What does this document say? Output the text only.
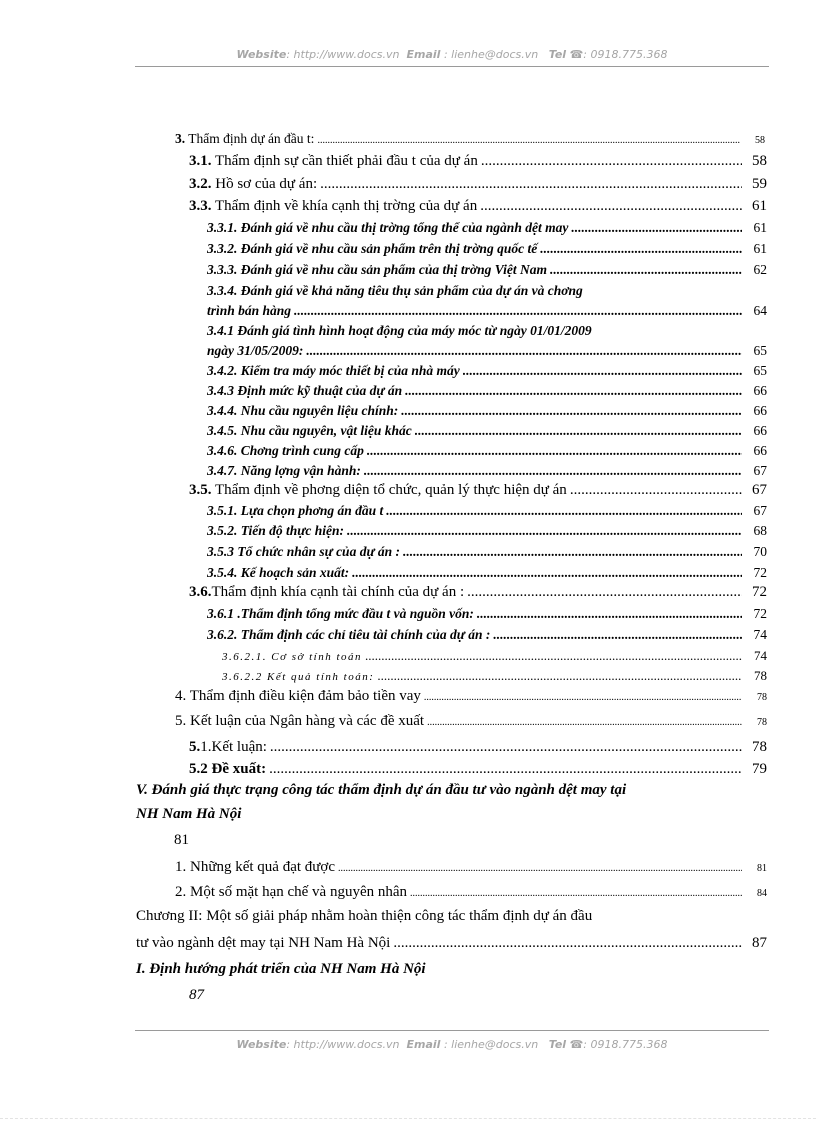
Website: http://www.docs.vn Email : lienhe@docs.vn Tel ☎: 0918.775.368
3. Thẩm định dự án đầu t: .....	58
3.1. Thẩm định sự cần thiết phải đầu t của dự án .....	58
3.2. Hồ sơ của dự án: .....	59
3.3. Thẩm định về khía cạnh thị trờng của dự án .....	61
3.3.1. Đánh giá về nhu cầu thị trờng tổng thể của ngành dệt may .....	61
3.3.2. Đánh giá về nhu cầu sản phẩm trên thị trờng quốc tế .....	61
3.3.3. Đánh giá về nhu cầu sản phẩm của thị trờng Việt Nam .....	62
3.3.4. Đánh giá về khả năng tiêu thụ sản phẩm của dự án và chơng
trình bán hàng .....	64
3.4.1 Đánh giá tình hình hoạt động của máy móc từ ngày 01/01/2009
ngày 31/05/2009: .....	65
3.4.2. Kiểm tra máy móc thiết bị của nhà máy .....	65
3.4.3 Định mức kỹ thuật của dự án .....	66
3.4.4. Nhu cầu nguyên liệu chính: .....	66
3.4.5. Nhu cầu nguyên, vật liệu khác .....	66
3.4.6. Chơng trình cung cấp .....	66
3.4.7. Năng lợng vận hành: .....	67
3.5. Thẩm định về phơng diện tổ chức, quản lý thực hiện dự án .....	67
3.5.1. Lựa chọn phơng án đầu t .....	67
3.5.2. Tiến độ thực hiện: .....	68
3.5.3 Tổ chức nhân sự của dự án : .....	70
3.5.4. Kế hoạch sản xuất: .....	72
3.6.Thẩm định khía cạnh tài chính của dự án : .....	72
3.6.1 .Thẩm định tổng mức đầu t và nguồn vốn: .....	72
3.6.2. Thẩm định các chỉ tiêu tài chính của dự án : .....	74
3.6.2.1. Cơ sở tính toán .....	74
3.6.2.2 Kết quả tính toán: .....	78
4. Thẩm định điều kiện đảm bảo tiền vay .....	78
5. Kết luận của Ngân hàng và các đề xuất .....	78
5.1.Kết luận: .....	78
5.2 Đề xuất: .....	79
V. Đánh giá thực trạng công tác thẩm định dự án đầu tư vào ngành dệt may tại
NH Nam Hà Nội
81
1. Những kết quả đạt được .....	81
2. Một số mặt hạn chế và nguyên nhân .....	84
Chương II: Một số giải pháp nhằm hoàn thiện công tác thẩm định dự án đầu
tư vào ngành dệt may tại NH Nam Hà Nội .....	87
I. Định hướng phát triển của NH Nam Hà Nội
87
Website: http://www.docs.vn Email : lienhe@docs.vn Tel ☎: 0918.775.368
